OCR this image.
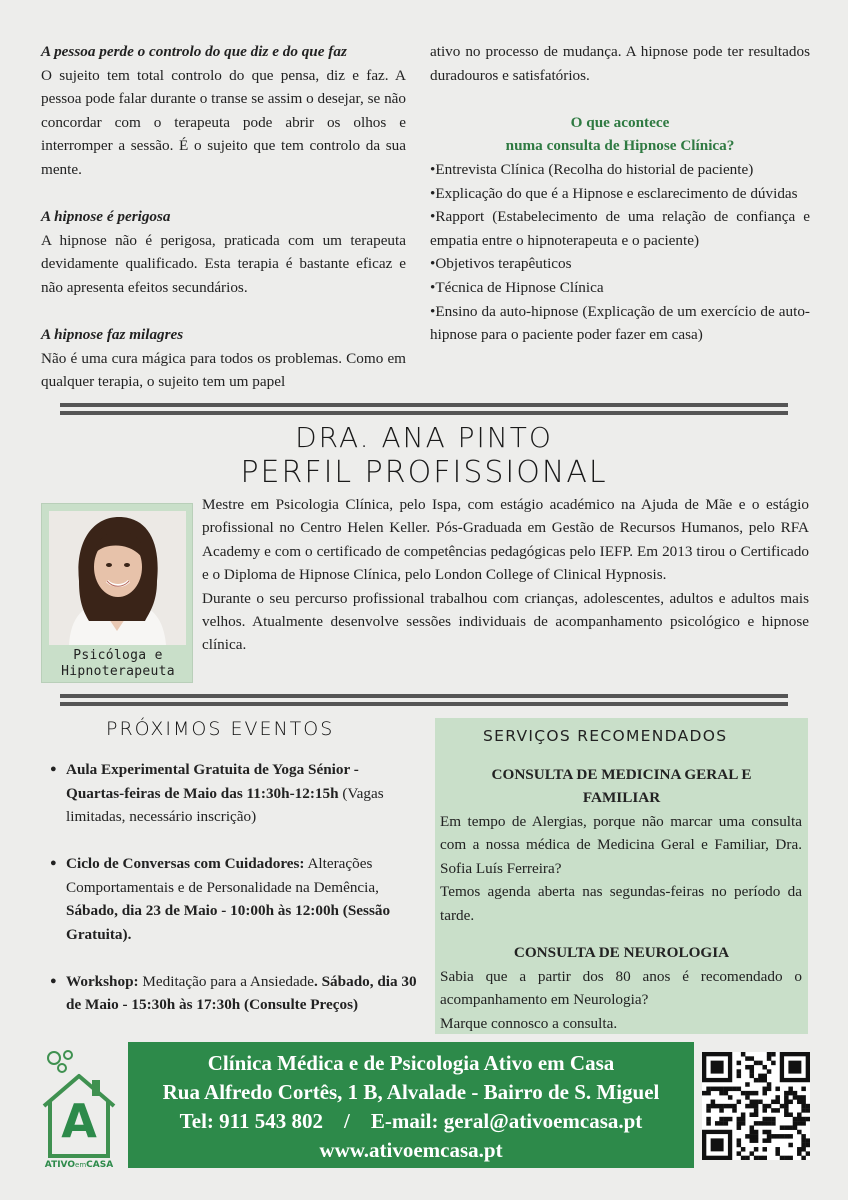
A pessoa perde o controlo do que diz e do que faz
O sujeito tem total controlo do que pensa, diz e faz. A pessoa pode falar durante o transe se assim o desejar, se não concordar com o terapeuta pode abrir os olhos e interromper a sessão. É o sujeito que tem controlo da sua mente.
A hipnose é perigosa
A hipnose não é perigosa, praticada com um terapeuta devidamente qualificado. Esta terapia é bastante eficaz e não apresenta efeitos secundários.
A hipnose faz milagres
Não é uma cura mágica para todos os problemas. Como em qualquer terapia, o sujeito tem um papel
ativo no processo de mudança. A hipnose pode ter resultados duradouros e satisfatórios.
O que acontece
numa consulta de Hipnose Clínica?
•Entrevista Clínica (Recolha do historial de paciente)
•Explicação do que é a Hipnose e esclarecimento de dúvidas
•Rapport (Estabelecimento de uma relação de confiança e empatia entre o hipnoterapeuta e o paciente)
•Objetivos terapêuticos
•Técnica de Hipnose Clínica
•Ensino da auto-hipnose (Explicação de um exercício de auto-hipnose para o paciente poder fazer em casa)
DRA. ANA PINTO
PERFIL PROFISSIONAL
Psicóloga e
Hipnoterapeuta

Mestre em Psicologia Clínica, pelo Ispa, com estágio académico na Ajuda de Mãe e o estágio profissional no Centro Helen Keller. Pós-Graduada em Gestão de Recursos Humanos, pelo RFA Academy e com o certificado de competências pedagógicas pelo IEFP. Em 2013 tirou o Certificado e o Diploma de Hipnose Clínica, pelo London College of Clinical Hypnosis.

Durante o seu percurso profissional trabalhou com crianças, adolescentes, adultos e adultos mais velhos. Atualmente desenvolve sessões individuais de acompanhamento psicológico e hipnose clínica.

PRÓXIMOS EVENTOS
● Aula Experimental Gratuita de Yoga Sénior - Quartas-feiras de Maio das 11:30h-12:15h (Vagas limitadas, necessário inscrição)
● Ciclo de Conversas com Cuidadores: Alterações Comportamentais e de Personalidade na Demência, Sábado, dia 23 de Maio - 10:00h às 12:00h (Sessão Gratuita).
● Workshop: Meditação para a Ansiedade. Sábado, dia 30 de Maio - 15:30h às 17:30h (Consulte Preços)
SERVIÇOS RECOMENDADOS
CONSULTA DE MEDICINA GERAL E
FAMILIAR

Em tempo de Alergias, porque não marcar uma consulta com a nossa médica de Medicina Geral e Familiar, Dra. Sofia Luís Ferreira?

Temos agenda aberta nas segundas-feiras no período da tarde.

CONSULTA DE NEUROLOGIA

Sabia que a partir dos 80 anos é recomendado o acompanhamento em Neurologia?

Marque connosco a consulta.

A
ATIVOemCASA
Clínica Médica e de Psicologia Ativo em Casa
Rua Alfredo Cortês, 1 B, Alvalade - Bairro de S. Miguel
Tel: 911 543 802    /    E-mail: geral@ativoemcasa.pt
www.ativoemcasa.pt
